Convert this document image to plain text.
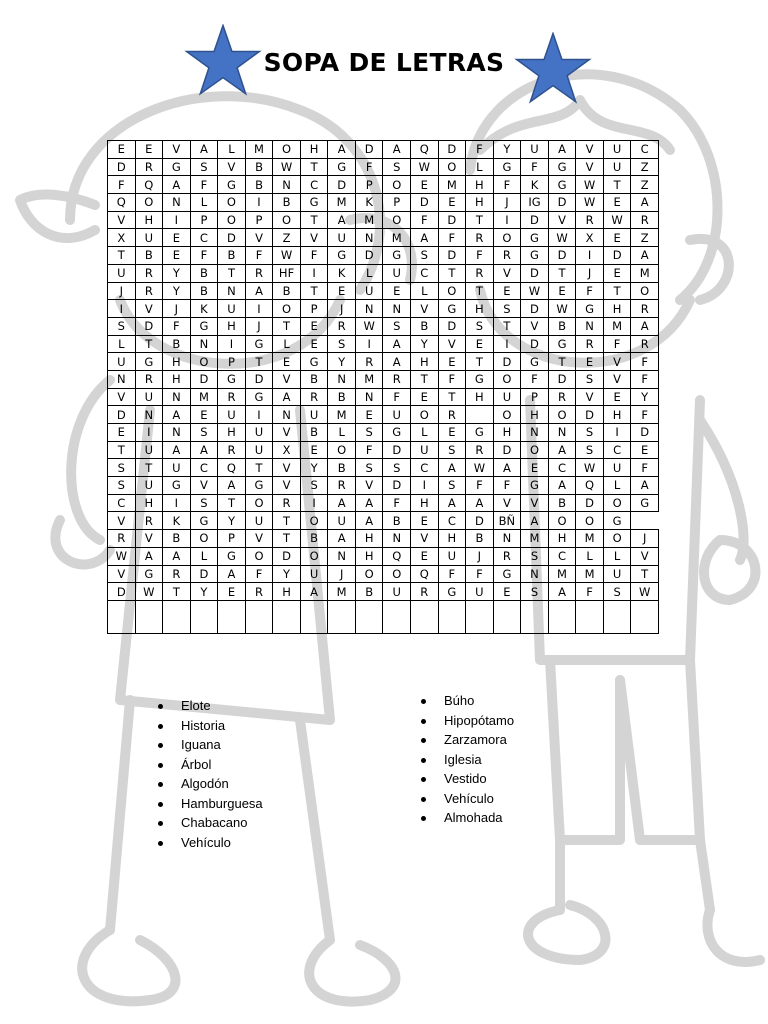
SOPA DE LETRAS
E	E	V	A	L	M	O	H	A	D	A	Q	D	F	Y	U	A	V	U	C
D	R	G	S	V	B	W	T	G	F	S	W	O	L	G	F	G	V	U	Z
F	Q	A	F	G	B	N	C	D	P	O	E	M	H	F	K	G	W	T	Z
Q	O	N	L	O	I	B	G	M	K	P	D	E	H	J	IG	D	W	E	A
V	H	I	P	O	P	O	T	A	M	O	F	D	T	I	D	V	R	W	R
X	U	E	C	D	V	Z	V	U	N	M	A	F	R	O	G	W	X	E	Z
T	B	E	F	B	F	W	F	G	D	G	S	D	F	R	G	D	I	D	A
U	R	Y	B	T	R	HF	I	K	L	U	C	T	R	V	D	T	J	E	M
J	R	Y	B	N	A	B	T	E	U	E	L	O	T	E	W	E	F	T	O
I	V	J	K	U	I	O	P	J	N	N	V	G	H	S	D	W	G	H	R
S	D	F	G	H	J	T	E	R	W	S	B	D	S	T	V	B	N	M	A
L	T	B	N	I	G	L	E	S	I	A	Y	V	E	I	D	G	R	F	R
U	G	H	O	P	T	E	G	Y	R	A	H	E	T	D	G	T	E	V	F
N	R	H	D	G	D	V	B	N	M	R	T	F	G	O	F	D	S	V	F
V	U	N	M	R	G	A	R	B	N	F	E	T	H	U	P	R	V	E	Y
D	N	A	E	U	I	N	U	M	E	U	O	R		O	H	O	D	H	F
E	I	N	S	H	U	V	B	L	S	G	L	E	G	H	N	N	S	I	D
T	U	A	A	R	U	X	E	O	F	D	U	S	R	D	O	A	S	C	E
S	T	U	C	Q	T	V	Y	B	S	S	C	A	W	A	E	C	W	U	F
S	U	G	V	A	G	V	S	R	V	D	I	S	F	F	G	A	Q	L	A
C	H	I	S	T	O	R	I	A	A	F	H	A	A	V	V	B	D	O	G
V	R	K	G	Y	U	T	O	U	A	B	E	C	D	BÑ	A	O	O	G	
R	V	B	O	P	V	T	B	A	H	N	V	H	B	N	M	H	M	O	J
W	A	A	L	G	O	D	O	N	H	Q	E	U	J	R	S	C	L	L	V
V	G	R	D	A	F	Y	U	J	O	O	Q	F	F	G	N	M	M	U	T
D	W	T	Y	E	R	H	A	M	B	U	R	G	U	E	S	A	F	S	W

Elote
Historia
Iguana
Árbol
Algodón
Hamburguesa
Chabacano
Vehículo
Búho
Hipopótamo
Zarzamora
Iglesia
Vestido
Vehículo
Almohada
